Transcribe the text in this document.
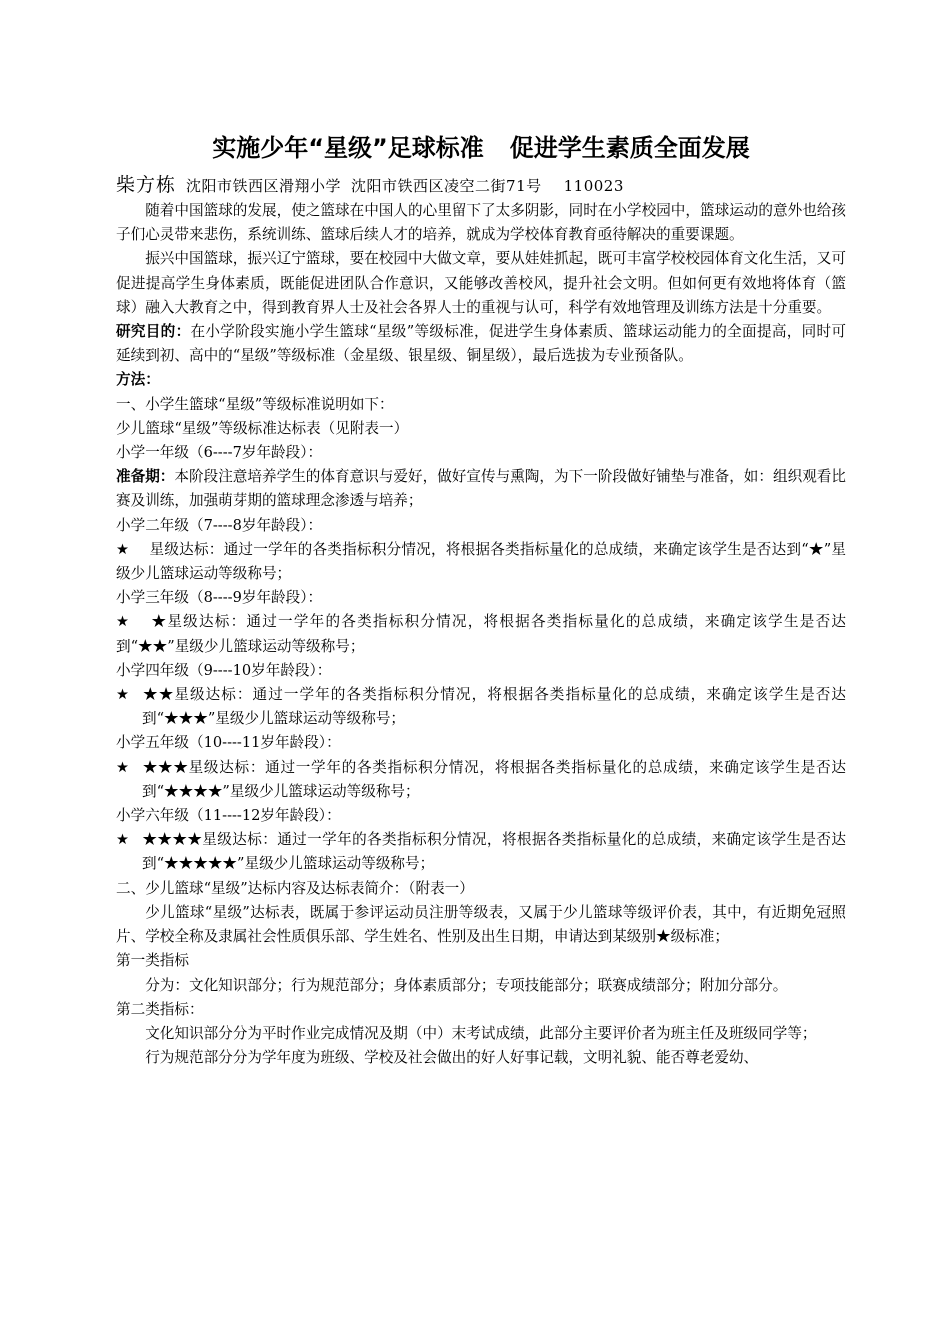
实施少年“星级”足球标准 促进学生素质全面发展
柴方栋 沈阳市铁西区滑翔小学 沈阳市铁西区凌空二街71号 110023

随着中国篮球的发展，使之篮球在中国人的心里留下了太多阴影，同时在小学校园中，篮球运动的意外也给孩子们心灵带来悲伤，系统训练、篮球后续人才的培养，就成为学校体育教育亟待解决的重要课题。

振兴中国篮球，振兴辽宁篮球，要在校园中大做文章，要从娃娃抓起，既可丰富学校校园体育文化生活，又可促进提高学生身体素质，既能促进团队合作意识，又能够改善校风，提升社会文明。但如何更有效地将体育（篮球）融入大教育之中，得到教育界人士及社会各界人士的重视与认可，科学有效地管理及训练方法是十分重要。

研究目的：在小学阶段实施小学生篮球“星级”等级标准，促进学生身体素质、篮球运动能力的全面提高，同时可延续到初、高中的“星级”等级标准（金星级、银星级、铜星级），最后选拔为专业预备队。

方法：

一、小学生篮球“星级”等级标准说明如下：

少儿篮球“星级”等级标准达标表（见附表一）

小学一年级（6----7岁年龄段）：

准备期：本阶段注意培养学生的体育意识与爱好，做好宣传与熏陶，为下一阶段做好铺垫与准备，如：组织观看比赛及训练，加强萌芽期的篮球理念渗透与培养；

小学二年级（7----8岁年龄段）：

★ 星级达标：通过一学年的各类指标积分情况，将根据各类指标量化的总成绩，来确定该学生是否达到“★”星级少儿篮球运动等级称号；

小学三年级（8----9岁年龄段）：

★ ★星级达标：通过一学年的各类指标积分情况，将根据各类指标量化的总成绩，来确定该学生是否达到“★★”星级少儿篮球运动等级称号；

小学四年级（9----10岁年龄段）：

★ ★★星级达标：通过一学年的各类指标积分情况，将根据各类指标量化的总成绩，来确定该学生是否达到“★★★”星级少儿篮球运动等级称号；

小学五年级（10----11岁年龄段）：

★ ★★★星级达标：通过一学年的各类指标积分情况，将根据各类指标量化的总成绩，来确定该学生是否达到“★★★★”星级少儿篮球运动等级称号；

小学六年级（11----12岁年龄段）：

★ ★★★★星级达标：通过一学年的各类指标积分情况，将根据各类指标量化的总成绩，来确定该学生是否达到“★★★★★”星级少儿篮球运动等级称号；

二、少儿篮球“星级”达标内容及达标表简介：（附表一）

少儿篮球“星级”达标表，既属于参评运动员注册等级表，又属于少儿篮球等级评价表，其中，有近期免冠照片、学校全称及隶属社会性质俱乐部、学生姓名、性别及出生日期，申请达到某级别★级标准；

第一类指标

分为：文化知识部分；行为规范部分；身体素质部分；专项技能部分；联赛成绩部分；附加分部分。

第二类指标：

文化知识部分分为平时作业完成情况及期（中）末考试成绩，此部分主要评价者为班主任及班级同学等；

行为规范部分分为学年度为班级、学校及社会做出的好人好事记载，文明礼貌、能否尊老爱幼、
